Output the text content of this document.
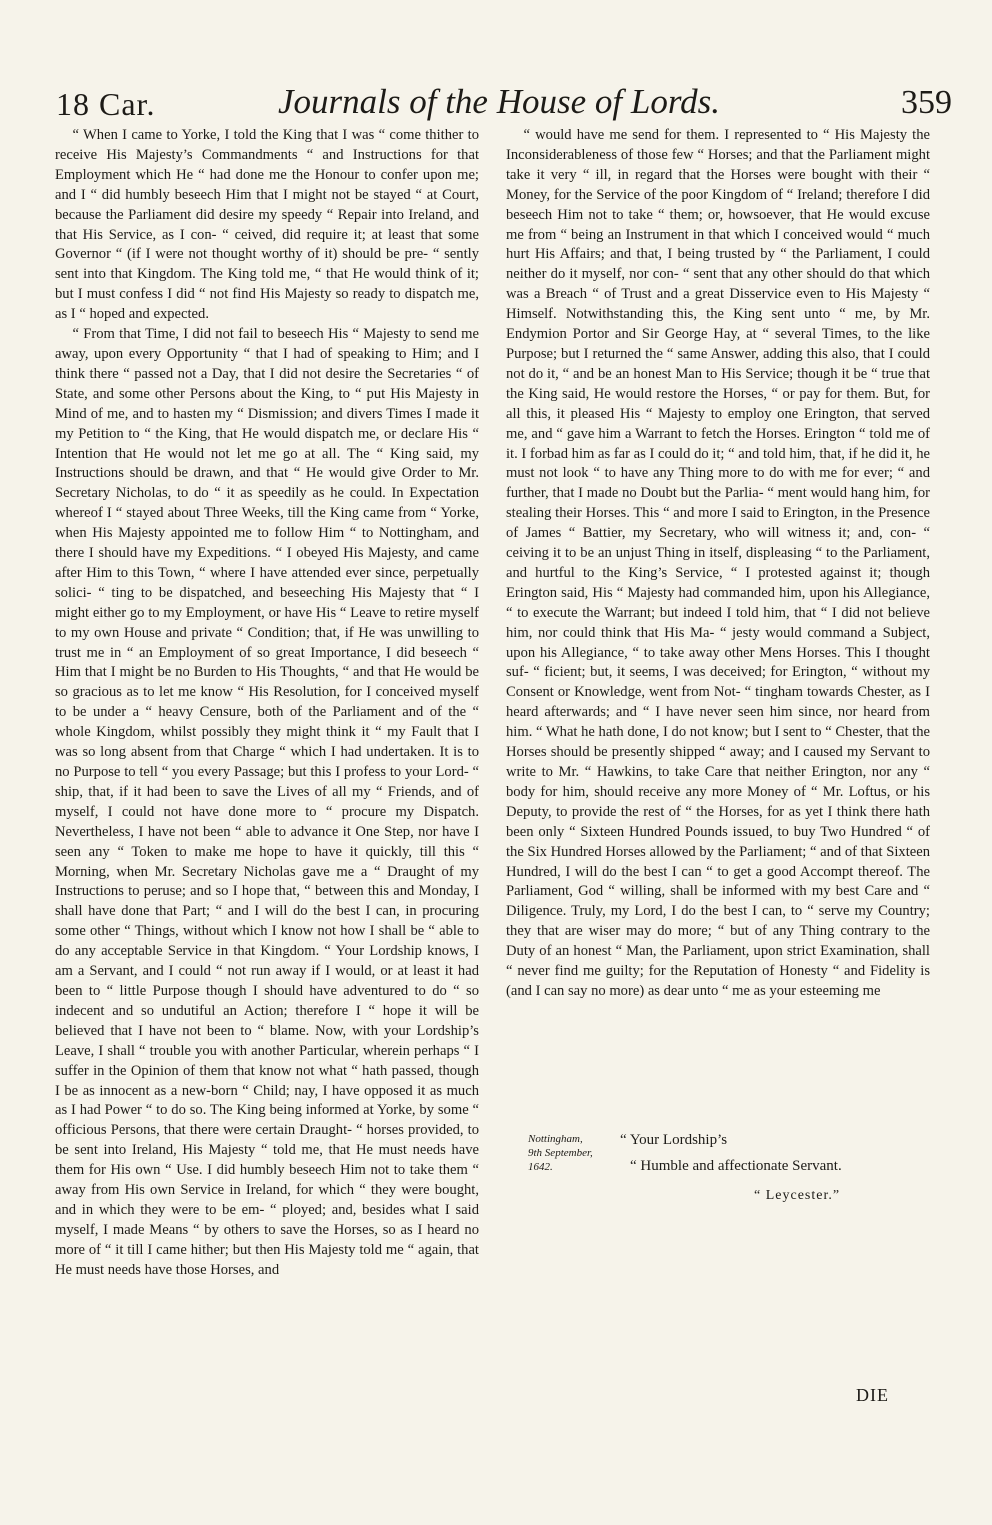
18 Car.	Journals of the House of Lords.	359

“ When I came to Yorke, I told the King that I was “ come thither to receive His Majesty’s Commandments “ and Instructions for that Employment which He “ had done me the Honour to confer upon me; and I “ did humbly beseech Him that I might not be stayed “ at Court, because the Parliament did desire my speedy “ Repair into Ireland, and that His Service, as I con- “ ceived, did require it; at least that some Governor “ (if I were not thought worthy of it) should be pre- “ sently sent into that Kingdom. The King told me, “ that He would think of it; but I must confess I did “ not find His Majesty so ready to dispatch me, as I “ hoped and expected.

“ From that Time, I did not fail to beseech His “ Majesty to send me away, upon every Opportunity “ that I had of speaking to Him; and I think there “ passed not a Day, that I did not desire the Secretaries “ of State, and some other Persons about the King, to “ put His Majesty in Mind of me, and to hasten my “ Dismission; and divers Times I made it my Petition to “ the King, that He would dispatch me, or declare His “ Intention that He would not let me go at all. The “ King said, my Instructions should be drawn, and that “ He would give Order to Mr. Secretary Nicholas, to do “ it as speedily as he could. In Expectation whereof I “ stayed about Three Weeks, till the King came from “ Yorke, when His Majesty appointed me to follow Him “ to Nottingham, and there I should have my Expeditions. “ I obeyed His Majesty, and came after Him to this Town, “ where I have attended ever since, perpetually solici- “ ting to be dispatched, and beseeching His Majesty that “ I might either go to my Employment, or have His “ Leave to retire myself to my own House and private “ Condition; that, if He was unwilling to trust me in “ an Employment of so great Importance, I did beseech “ Him that I might be no Burden to His Thoughts, “ and that He would be so gracious as to let me know “ His Resolution, for I conceived myself to be under a “ heavy Censure, both of the Parliament and of the “ whole Kingdom, whilst possibly they might think it “ my Fault that I was so long absent from that Charge “ which I had undertaken. It is to no Purpose to tell “ you every Passage; but this I profess to your Lord- “ ship, that, if it had been to save the Lives of all my “ Friends, and of myself, I could not have done more to “ procure my Dispatch. Nevertheless, I have not been “ able to advance it One Step, nor have I seen any “ Token to make me hope to have it quickly, till this “ Morning, when Mr. Secretary Nicholas gave me a “ Draught of my Instructions to peruse; and so I hope that, “ between this and Monday, I shall have done that Part; “ and I will do the best I can, in procuring some other “ Things, without which I know not how I shall be “ able to do any acceptable Service in that Kingdom. “ Your Lordship knows, I am a Servant, and I could “ not run away if I would, or at least it had been to “ little Purpose though I should have adventured to do “ so indecent and so undutiful an Action; therefore I “ hope it will be believed that I have not been to “ blame. Now, with your Lordship’s Leave, I shall “ trouble you with another Particular, wherein perhaps “ I suffer in the Opinion of them that know not what “ hath passed, though I be as innocent as a new-born “ Child; nay, I have opposed it as much as I had Power “ to do so. The King being informed at Yorke, by some “ officious Persons, that there were certain Draught- “ horses provided, to be sent into Ireland, His Majesty “ told me, that He must needs have them for His own “ Use. I did humbly beseech Him not to take them “ away from His own Service in Ireland, for which “ they were bought, and in which they were to be em- “ ployed; and, besides what I said myself, I made Means “ by others to save the Horses, so as I heard no more of “ it till I came hither; but then His Majesty told me “ again, that He must needs have those Horses, and

“ would have me send for them. I represented to “ His Majesty the Inconsiderableness of those few “ Horses; and that the Parliament might take it very “ ill, in regard that the Horses were bought with their “ Money, for the Service of the poor Kingdom of “ Ireland; therefore I did beseech Him not to take “ them; or, howsoever, that He would excuse me from “ being an Instrument in that which I conceived would “ much hurt His Affairs; and that, I being trusted by “ the Parliament, I could neither do it myself, nor con- “ sent that any other should do that which was a Breach “ of Trust and a great Disservice even to His Majesty “ Himself. Notwithstanding this, the King sent unto “ me, by Mr. Endymion Portor and Sir George Hay, at “ several Times, to the like Purpose; but I returned the “ same Answer, adding this also, that I could not do it, “ and be an honest Man to His Service; though it be “ true that the King said, He would restore the Horses, “ or pay for them. But, for all this, it pleased His “ Majesty to employ one Erington, that served me, and “ gave him a Warrant to fetch the Horses. Erington “ told me of it. I forbad him as far as I could do it; “ and told him, that, if he did it, he must not look “ to have any Thing more to do with me for ever; “ and further, that I made no Doubt but the Parlia- “ ment would hang him, for stealing their Horses. This “ and more I said to Erington, in the Presence of James “ Battier, my Secretary, who will witness it; and, con- “ ceiving it to be an unjust Thing in itself, displeasing “ to the Parliament, and hurtful to the King’s Service, “ I protested against it; though Erington said, His “ Majesty had commanded him, upon his Allegiance, “ to execute the Warrant; but indeed I told him, that “ I did not believe him, nor could think that His Ma- “ jesty would command a Subject, upon his Allegiance, “ to take away other Mens Horses. This I thought suf- “ ficient; but, it seems, I was deceived; for Erington, “ without my Consent or Knowledge, went from Not- “ tingham towards Chester, as I heard afterwards; and “ I have never seen him since, nor heard from him. “ What he hath done, I do not know; but I sent to “ Chester, that the Horses should be presently shipped “ away; and I caused my Servant to write to Mr. “ Hawkins, to take Care that neither Erington, nor any “ body for him, should receive any more Money of “ Mr. Loftus, or his Deputy, to provide the rest of “ the Horses, for as yet I think there hath been only “ Sixteen Hundred Pounds issued, to buy Two Hundred “ of the Six Hundred Horses allowed by the Parliament; “ and of that Sixteen Hundred, I will do the best I can “ to get a good Accompt thereof. The Parliament, God “ willing, shall be informed with my best Care and “ Diligence. Truly, my Lord, I do the best I can, to “ serve my Country; they that are wiser may do more; “ but of any Thing contrary to the Duty of an honest “ Man, the Parliament, upon strict Examination, shall “ never find me guilty; for the Reputation of Honesty “ and Fidelity is (and I can say no more) as dear unto “ me as your esteeming me

Nottingham,
9th September,
1642.
“ Your Lordship’s
“ Humble and affectionate Servant.
“ Leycester.”
DIE
